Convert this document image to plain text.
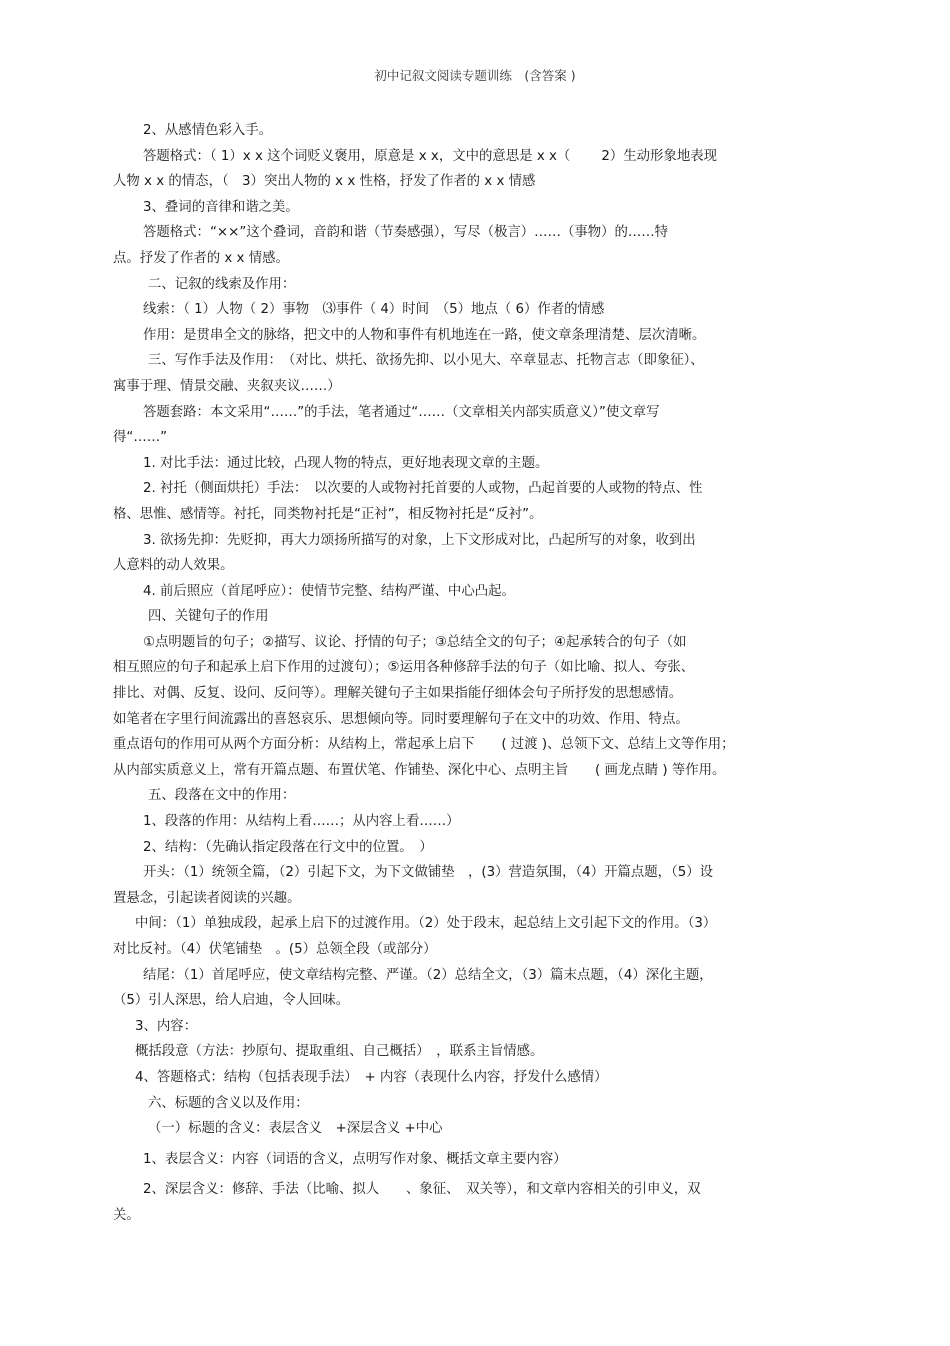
初中记叙文阅读专题训练　(含答案 )
2、从感情色彩入手。
答题格式：（ 1）x x 这个词贬义褒用，原意是 x x，文中的意思是 x x（　　 2）生动形象地表现
人物 x x 的情态，（　3）突出人物的 x x 性格，抒发了作者的 x x 情感
3、叠词的音律和谐之美。
答题格式：“××”这个叠词，音韵和谐（节奏感强），写尽（极言）……（事物）的……特
点。抒发了作者的 x x 情感。
二、记叙的线索及作用：
线索：（ 1）人物（ 2）事物　⑶事件（ 4）时间　（5）地点（ 6）作者的情感
作用：是贯串全文的脉络，把文中的人物和事件有机地连在一路，使文章条理清楚、层次清晰。
三、写作手法及作用：　（对比、烘托、欲扬先抑、以小见大、卒章显志、托物言志（即象征）、
寓事于理、情景交融、夹叙夹议……）
答题套路：本文采用“……”的手法，笔者通过“……（文章相关内部实质意义）”使文章写
得“……”
1. 对比手法：通过比较，凸现人物的特点，更好地表现文章的主题。
2. 衬托（侧面烘托）手法：　以次要的人或物衬托首要的人或物，凸起首要的人或物的特点、性
格、思惟、感情等。衬托，同类物衬托是“正衬”，相反物衬托是“反衬”。
3. 欲扬先抑：先贬抑，再大力颂扬所描写的对象，上下文形成对比，凸起所写的对象，收到出
人意料的动人效果。
4. 前后照应（首尾呼应）：使情节完整、结构严谨、中心凸起。
四、关键句子的作用
①点明题旨的句子；②描写、议论、抒情的句子；③总结全文的句子；④起承转合的句子（如
相互照应的句子和起承上启下作用的过渡句）；⑤运用各种修辞手法的句子（如比喻、拟人、夸张、
排比、对偶、反复、设问、反问等）。理解关键句子主如果指能仔细体会句子所抒发的思想感情。
如笔者在字里行间流露出的喜怒哀乐、思想倾向等。同时要理解句子在文中的功效、作用、特点。
重点语句的作用可从两个方面分析：从结构上，常起承上启下　　( 过渡 )、总领下文、总结上文等作用；
从内部实质意义上，常有开篇点题、布置伏笔、作铺垫、深化中心、点明主旨　　( 画龙点睛 ) 等作用。
五、段落在文中的作用：
1、段落的作用：从结构上看……；从内容上看……）
2、结构：（先确认指定段落在行文中的位置。　）
开头：（1）统领全篇，（2）引起下文，为下文做铺垫　，(3）营造氛围，（4）开篇点题，（5）设
置悬念，引起读者阅读的兴趣。
中间：（1）单独成段，起承上启下的过渡作用。（2）处于段末，起总结上文引起下文的作用。（3）
对比反衬。（4）伏笔铺垫　。(5）总领全段（或部分）
结尾：（1）首尾呼应，使文章结构完整、严谨。（2）总结全文，（3）篇末点题，（4）深化主题，
（5）引人深思，给人启迪，令人回味。
3、内容：
概括段意（方法：抄原句、提取重组、自己概括）　，联系主旨情感。
4、答题格式：结构（包括表现手法）　+ 内容（表现什么内容，抒发什么感情）
六、标题的含义以及作用：
（一）标题的含义：表层含义　+深层含义 +中心
1、表层含义：内容（词语的含义，点明写作对象、概括文章主要内容）
2、深层含义：修辞、手法（比喻、拟人　　、象征、　双关等），和文章内容相关的引申义，双
关。
